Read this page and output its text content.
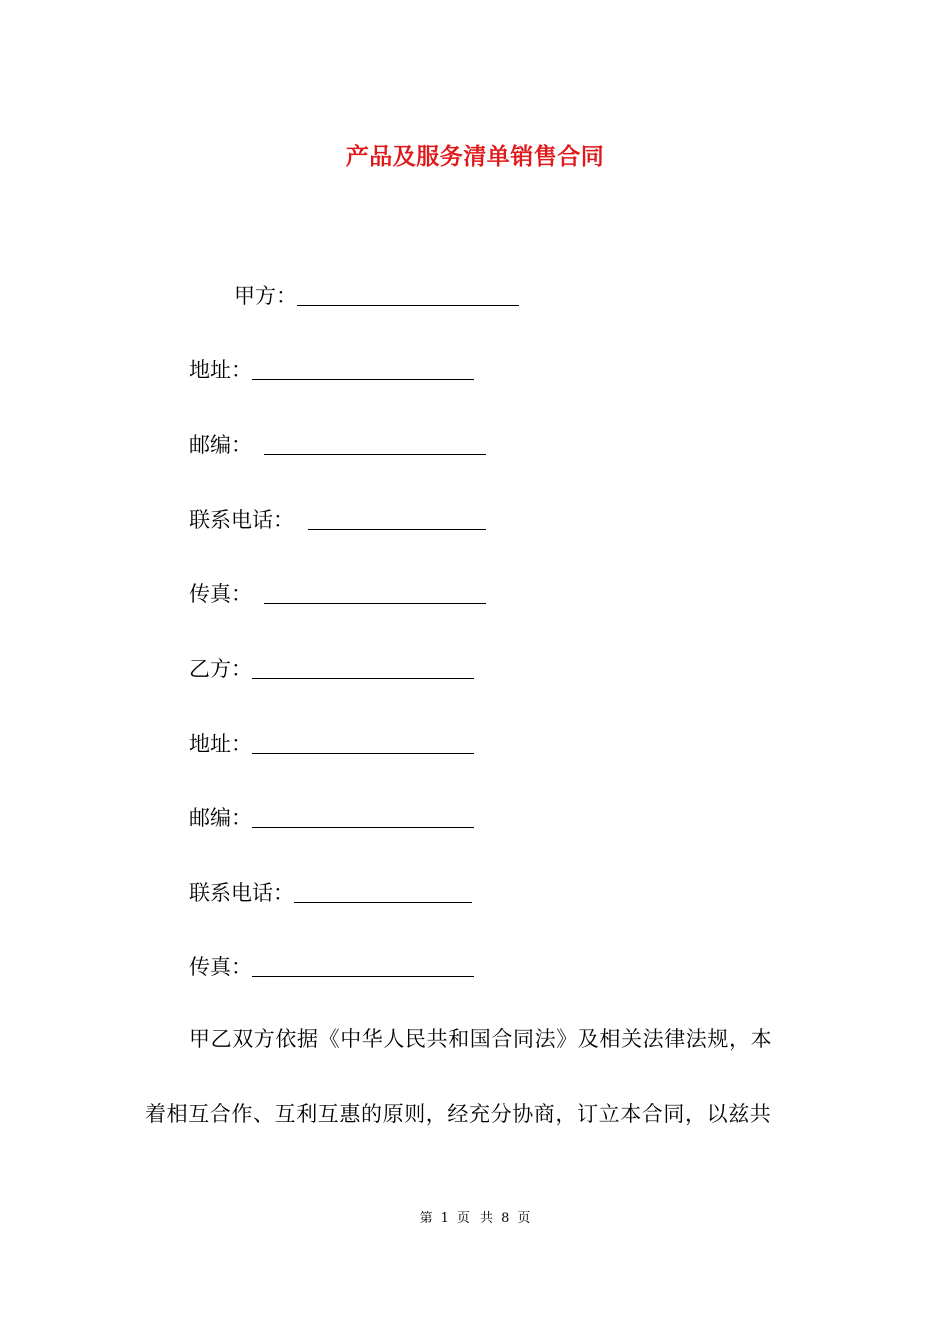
产品及服务清单销售合同
甲方：
地址：
邮编：
联系电话：
传真：
乙方：
地址：
邮编：
联系电话：
传真：
甲乙双方依据《中华人民共和国合同法》及相关法律法规，本
着相互合作、互利互惠的原则，经充分协商，订立本合同，以兹共
第 1 页 共 8 页
